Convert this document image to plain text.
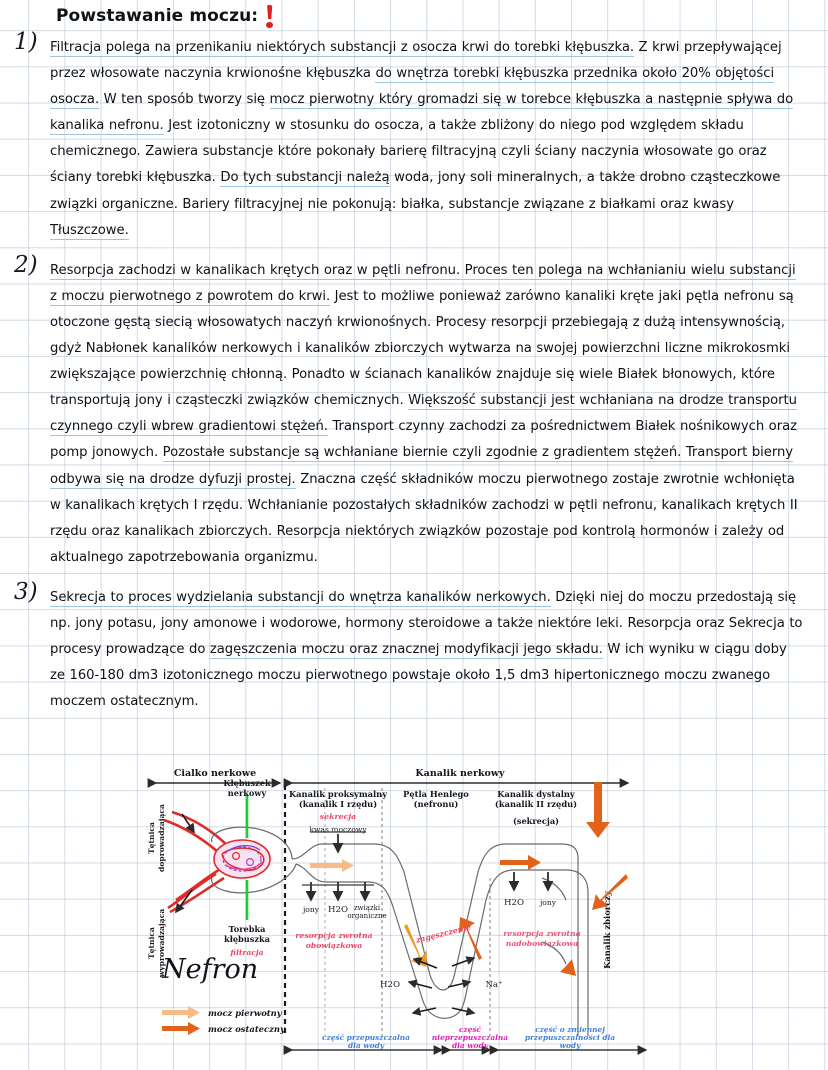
Powstawanie moczu:
1) Filtracja polega na przenikaniu niektórych substancji z osocza krwi do torebki kłębuszka. Z krwi przepływającej przez włosowate naczynia krwionośne kłębuszka do wnętrza torebki kłębuszka przednika około 20% objętości osocza. W ten sposób tworzy się mocz pierwotny który gromadzi się w torebce kłębuszka a następnie spływa do kanalika nefronu. Jest izotoniczny w stosunku do osocza, a także zbliżony do niego pod względem składu chemicznego. Zawiera substancje które pokonały barierę filtracyjną czyli ściany naczynia włosowate go oraz ściany torebki kłębuszka. Do tych substancji należą woda, jony soli mineralnych, a także drobno cząsteczkowe związki organiczne. Bariery filtracyjnej nie pokonują: białka, substancje związane z białkami oraz kwasy Tłuszczowe.
2) Resorpcja zachodzi w kanalikach krętych oraz w pętli nefronu. Proces ten polega na wchłanianiu wielu substancji z moczu pierwotnego z powrotem do krwi. Jest to możliwe ponieważ zarówno kanaliki kręte jaki pętla nefronu są otoczone gęstą siecią włosowatych naczyń krwionośnych. Procesy resorpcji przebiegają z dużą intensywnością, gdyż Nabłonek kanalików nerkowych i kanalików zbiorczych wytwarza na swojej powierzchni liczne mikrokosmki zwiększające powierzchnię chłonną. Ponadto w ścianach kanalików znajduje się wiele Białek błonowych, które transportują jony i cząsteczki związków chemicznych. Większość substancji jest wchłaniana na drodze transportu czynnego czyli wbrew gradientowi stężeń. Transport czynny zachodzi za pośrednictwem Białek nośnikowych oraz pomp jonowych. Pozostałe substancje są wchłaniane biernie czyli zgodnie z gradientem stężeń. Transport bierny odbywa się na drodze dyfuzji prostej. Znaczna część składników moczu pierwotnego zostaje zwrotnie wchłonięta w kanalikach krętych I rzędu. Wchłanianie pozostałych składników zachodzi w pętli nefronu, kanalikach krętych II rzędu oraz kanalikach zbiorczych. Resorpcja niektórych związków pozostaje pod kontrolą hormonów i zależy od aktualnego zapotrzebowania organizmu.
3) Sekrecja to proces wydzielania substancji do wnętrza kanalików nerkowych. Dzięki niej do moczu przedostają się np. jony potasu, jony amonowe i wodorowe, hormony steroidowe a także niektóre leki. Resorpcja oraz Sekrecja to procesy prowadzące do zagęszczenia moczu oraz znacznej modyfikacji jego składu. W ich wyniku w ciągu doby ze 160-180 dm3 izotonicznego moczu pierwotnego powstaje około 1,5 dm3 hipertonicznego moczu zwanego moczem ostatecznym.
Cialko nerkowe	Kanalik nerkowy
Tętnica doprowadzająca
Tętnica wyprowadzająca
Kłębuszek
nerkowy
Torebka
kłębuszka
filtracja	Kanalik zbiorczy
Kanalik proksymalny
(kanalik I rzędu)
sekrecja
kwas moczowy
jony H2O związki
organiczne
resorpcja zwrotna
obowiązkowa
Pętla Henlego
(nefronu)
zagęszczenie
H2O	Na⁺
Kanalik dystalny
(kanalik II rzędu)
(sekrecja)
H2O jony
resorpcja zwrotna
nadobowiązkowa
Nefron
mocz pierwotny
mocz ostateczny
część przepuszczalna
dla wody
część
nieprzepuszczalna
dla wody
część o zmiennej
przepuszczalności dla
wody
